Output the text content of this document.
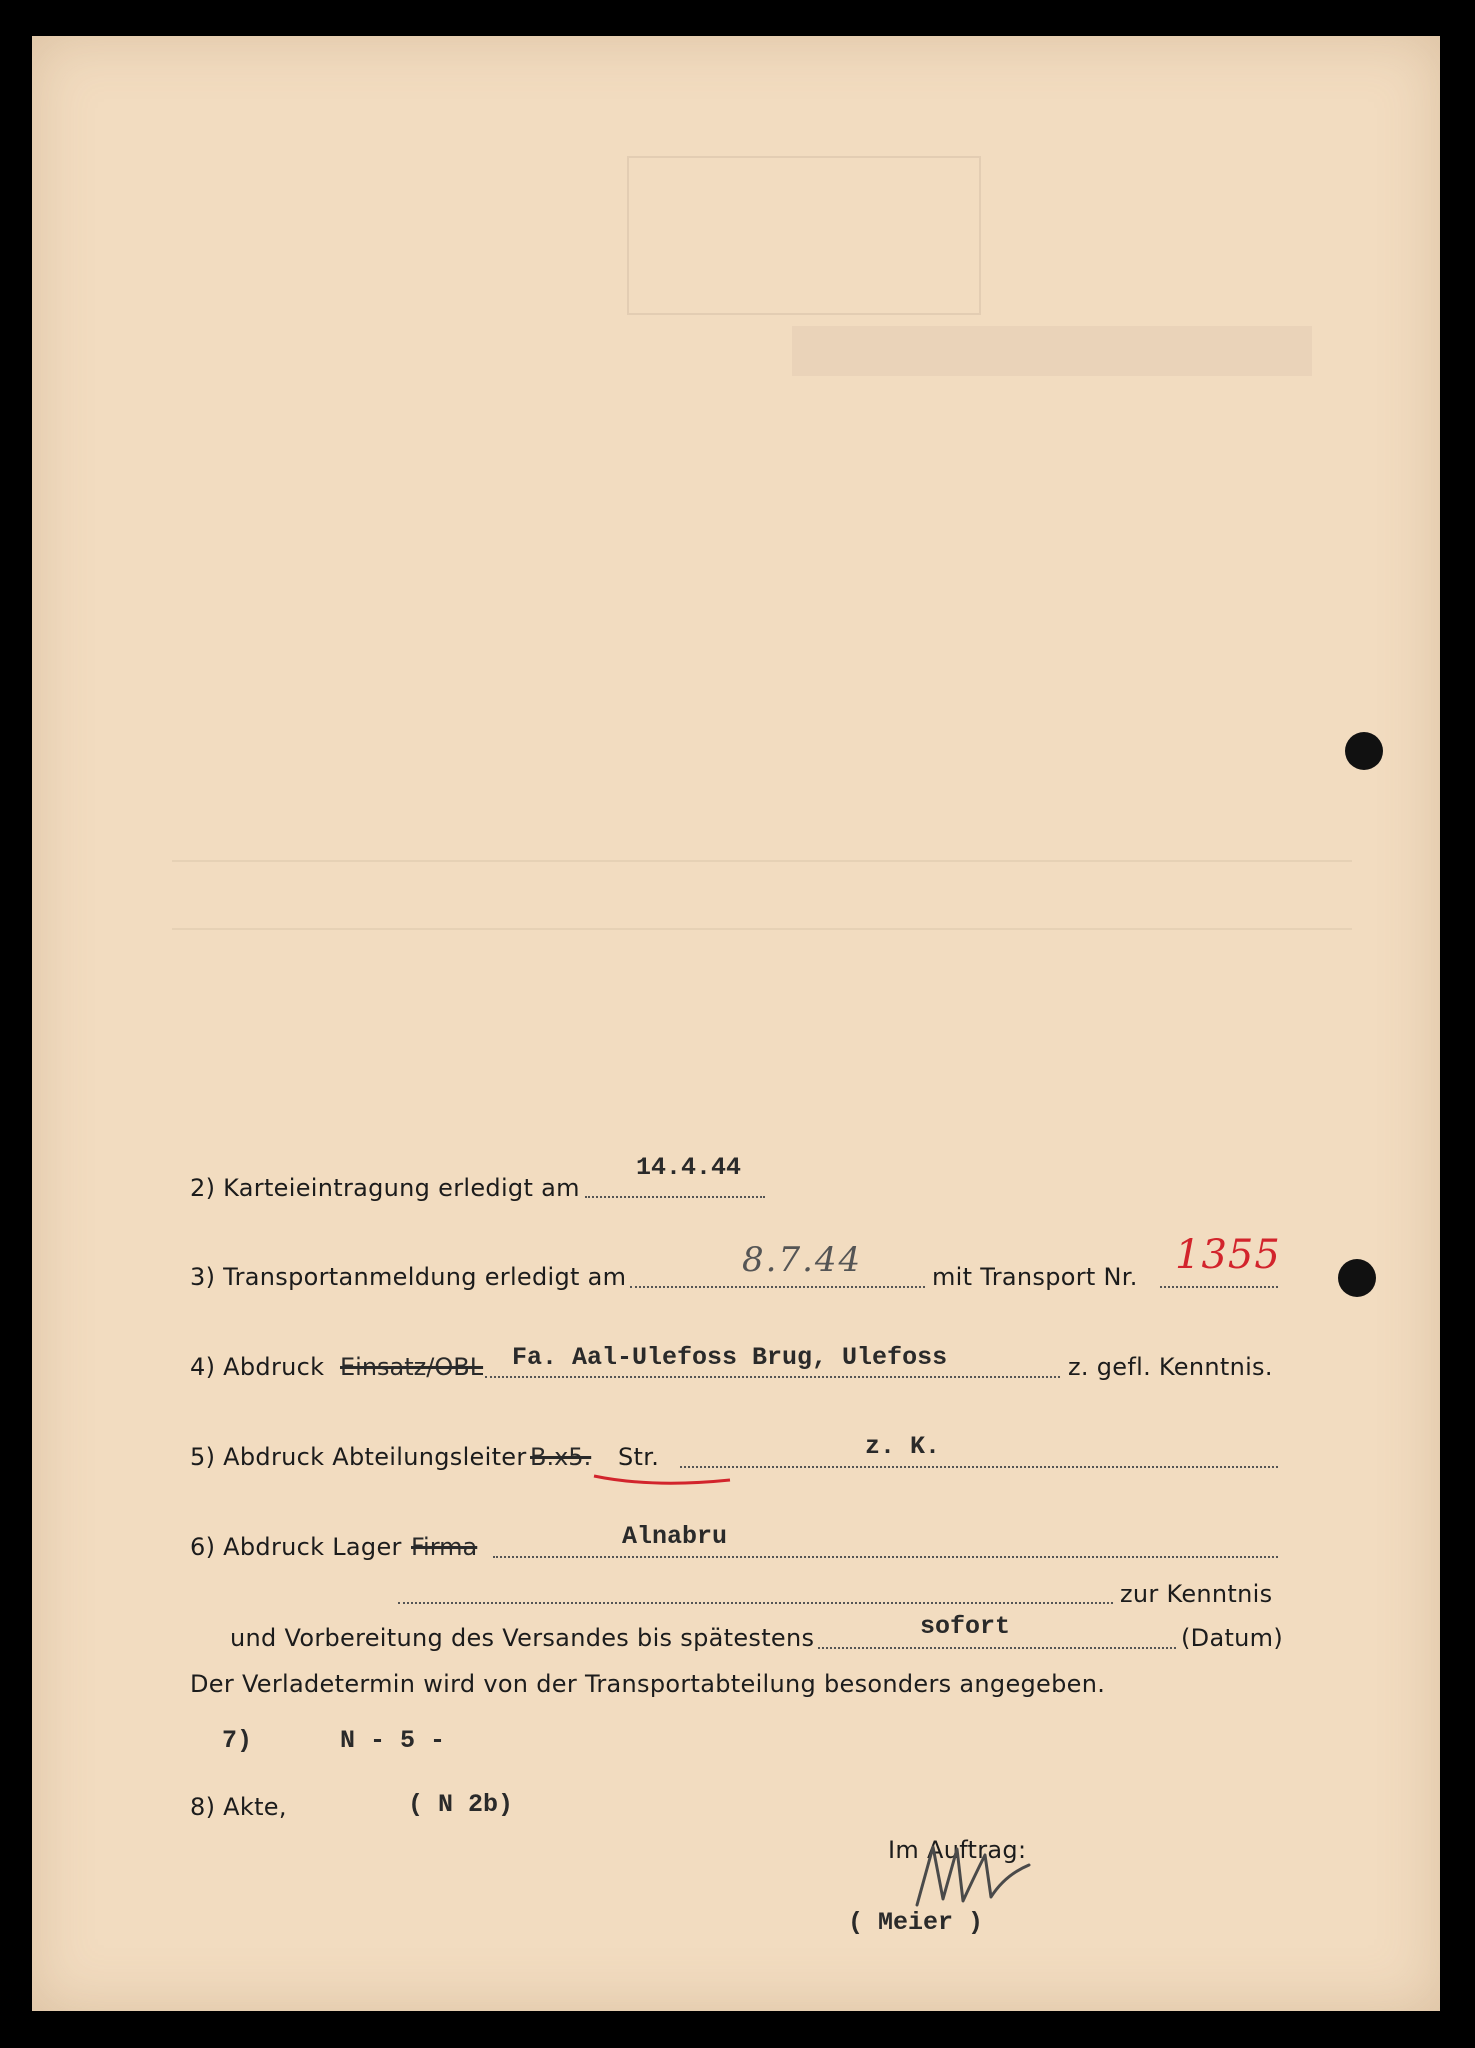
2) Karteieintragung erledigt am
14.4.44
3) Transportanmeldung erledigt am	8.7.44	mit Transport Nr. 1355
4) Abdruck Einsatz/OBL Fa. Aal-Ulefoss Brug, Ulefoss	z. gefl. Kenntnis.
5) Abdruck Abteilungsleiter B.x5. Str.	z. K.
6) Abdruck Lager Firma	Alnabru
zur Kenntnis
und Vorbereitung des Versandes bis spätestens	sofort	(Datum)
Der Verladetermin wird von der Transportabteilung besonders angegeben.
7)	N - 5 -
8) Akte,	( N 2b)
Im Auftrag:
( Meier )
